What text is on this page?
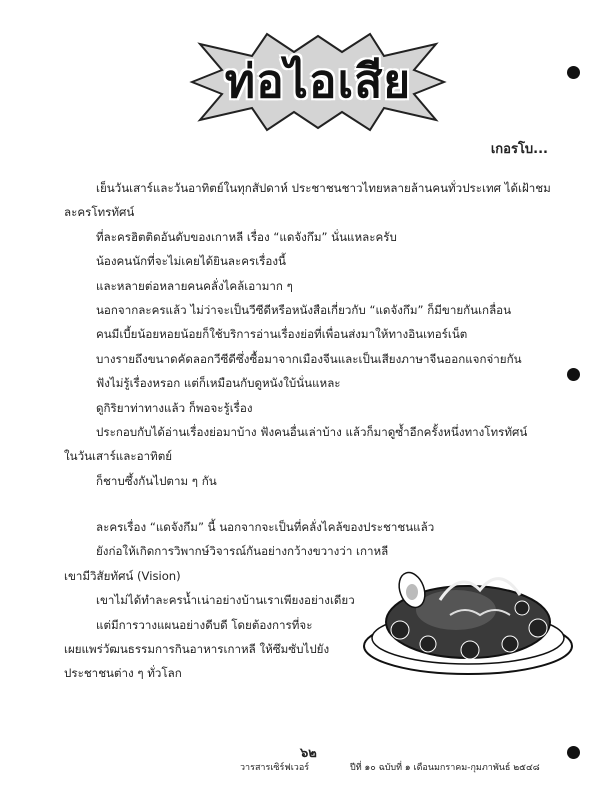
ท่อไอเสีย
เกอรโบ...
เย็นวันเสาร์และวันอาทิตย์ในทุกสัปดาห์ ประชาชนชาวไทยหลายล้านคนทั่วประเทศ ได้เฝ้าชม
ละครโทรทัศน์
ที่ละครฮิตติดอันดับของเกาหลี เรื่อง “แดจังกึม” นั่นแหละครับ
น้องคนนักที่จะไม่เคยได้ยินละครเรื่องนี้
และหลายต่อหลายคนคลั่งไคล้เอามาก ๆ
นอกจากละครแล้ว ไม่ว่าจะเป็นวีซีดีหรือหนังสือเกี่ยวกับ “แดจังกึม” ก็มีขายกันเกลื่อน
คนมีเบี้ยน้อยหอยน้อยก็ใช้บริการอ่านเรื่องย่อที่เพื่อนส่งมาให้ทางอินเทอร์เน็ต
บางรายถึงขนาดคัดลอกวีซีดีซึ่งซื้อมาจากเมืองจีนและเป็นเสียงภาษาจีนออกแจกจ่ายกัน
ฟังไม่รู้เรื่องหรอก แต่ก็เหมือนกับดูหนังใบ้นั่นแหละ
ดูกิริยาท่าทางแล้ว ก็พอจะรู้เรื่อง
ประกอบกับได้อ่านเรื่องย่อมาบ้าง ฟังคนอื่นเล่าบ้าง แล้วก็มาดูซ้ำอีกครั้งหนึ่งทางโทรทัศน์
ในวันเสาร์และอาทิตย์
ก็ชาบซึ้งกันไปตาม ๆ กัน
ละครเรื่อง “แดจังกึม” นี้ นอกจากจะเป็นที่คลั่งไคล้ของประชาชนแล้ว
ยังก่อให้เกิดการวิพากษ์วิจารณ์กันอย่างกว้างขวางว่า เกาหลี
เขามีวิสัยทัศน์ (Vision)
เขาไม่ได้ทำละครน้ำเน่าอย่างบ้านเราเพียงอย่างเดียว
แต่มีการวางแผนอย่างดีบดี โดยต้องการที่จะ
เผยแพร่วัฒนธรรมการกินอาหารเกาหลี ให้ซึมซับไปยัง
ประชาชนต่าง ๆ ทั่วโลก
๖๒
วารสารเซิร์ฟเวอร์	ปีที่ ๑๐ ฉบับที่ ๑ เดือนมกราคม-กุมภาพันธ์ ๒๕๔๘
